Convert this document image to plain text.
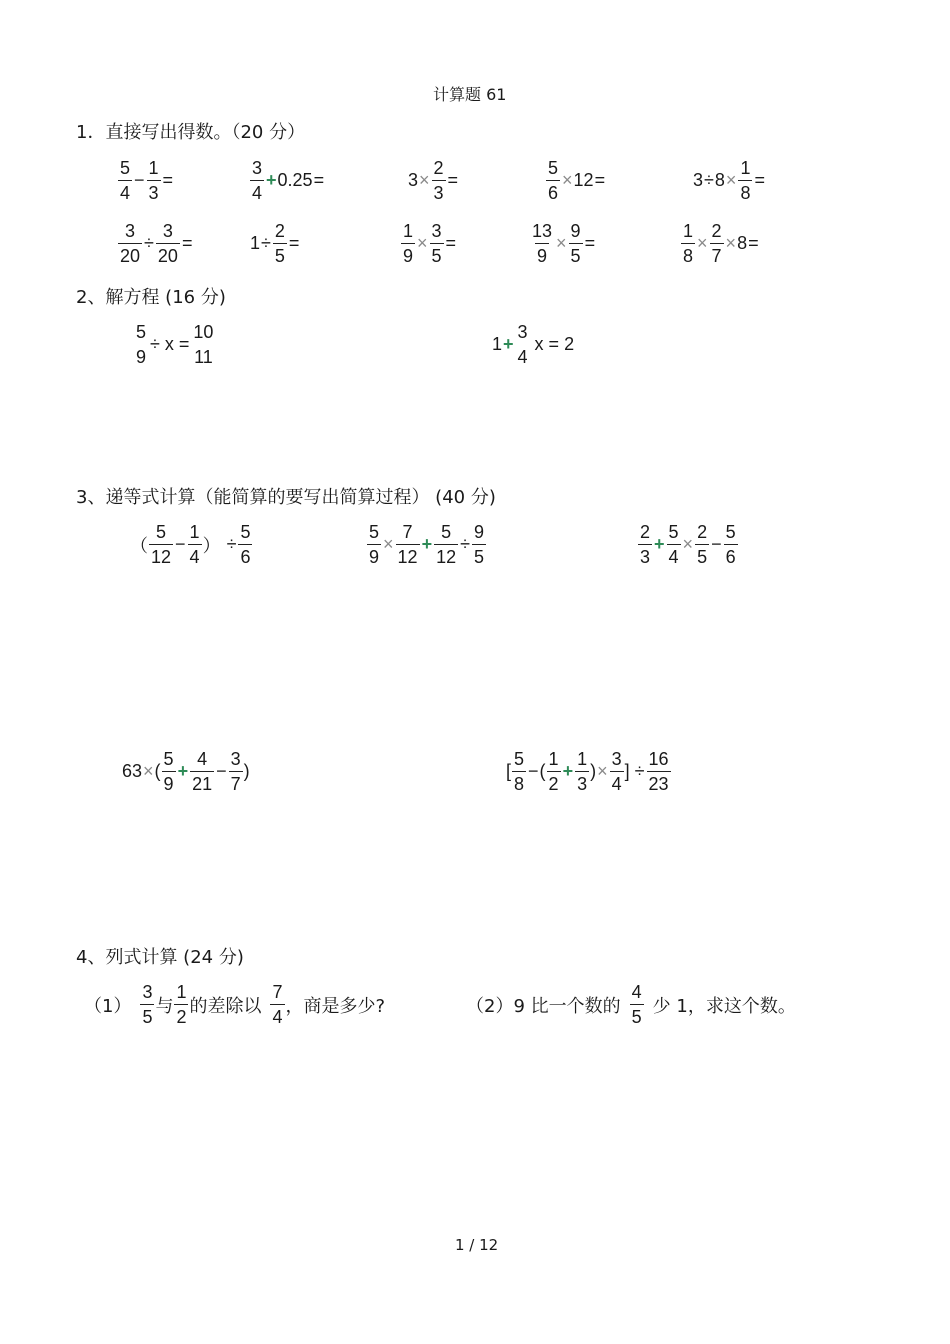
计算题 61
1．直接写出得数。（20 分）
$\frac{5}{4} - \frac{1}{3}$ =	$\frac{3}{4} + 0.25$ =	$3 \times \frac{2}{3}$ =	$\frac{5}{6} \times 12$ =	$3 \div 8 \times \frac{1}{8}$ =
$\frac{3}{20} \div \frac{3}{20}$ =	$1 \div \frac{2}{5}$ =	$\frac{1}{9} \times \frac{3}{5}$ =	$\frac{13}{9} \times \frac{9}{5}$ =	$\frac{1}{8} \times \frac{2}{7} \times 8$ =
2、解方程 (16 分)
5
9
÷ x =
10
11
1 +
3
4
x = 2
3、递等式计算（能简算的要写出简算过程） (40 分)
（ $\frac{5}{12} - \frac{1}{4}$ ） ÷ $\frac{5}{6}$	$\frac{5}{9} \times \frac{7}{12} + \frac{5}{12} \div \frac{9}{5}$	$\frac{2}{3} + \frac{5}{4} \times \frac{2}{5} - \frac{5}{6}$
63 × ( $\frac{5}{9} + \frac{4}{21} - \frac{3}{7}$ )	[ $\frac{5}{8}$ − ( $\frac{1}{2} + \frac{1}{3}$ ) × $\frac{3}{4}$ ] ÷ $\frac{16}{23}$
4、列式计算 (24 分)
$(1) \frac{3}{5}$ 与 $\frac{1}{2}$ 的差除以 $\frac{7}{4}$ ，商是多少?	（2）9 比一个数的 $\frac{4}{5}$ 少 1，求这个数。
1 / 12
